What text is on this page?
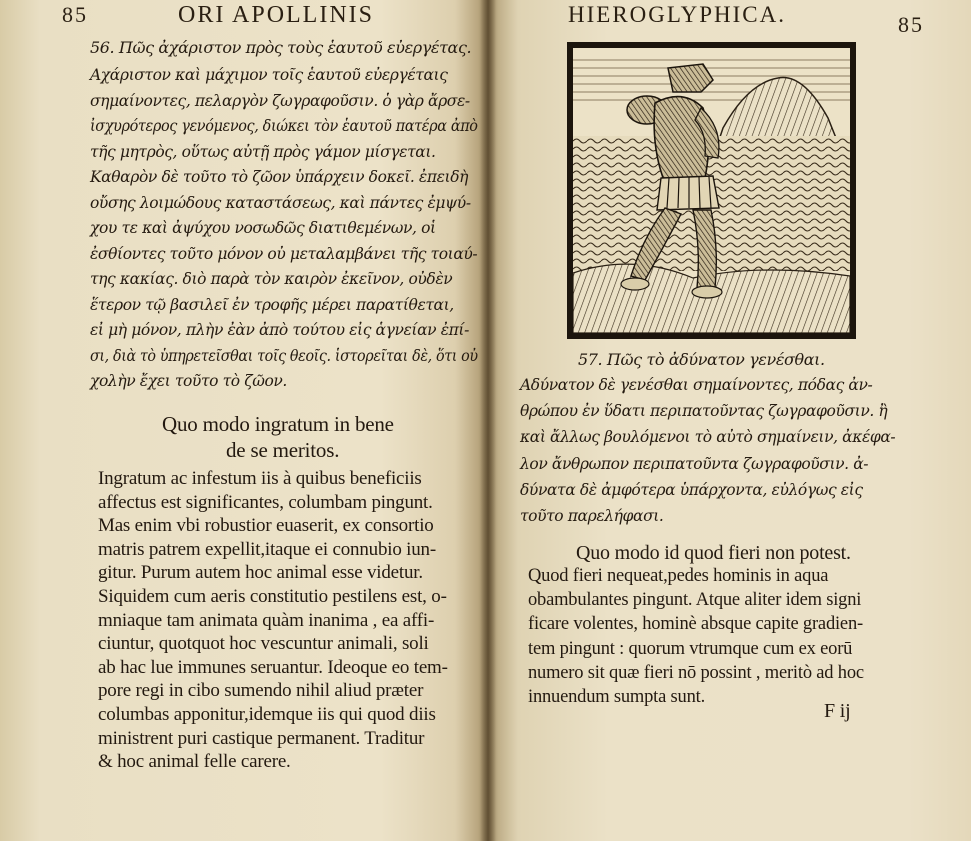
85	ORI APOLLINIS
56. Πῶς ἀχάριστον πρὸς τοὺς ἑαυτοῦ εὐεργέτας.
Αχάριστον καὶ μάχιμον τοῖς ἑαυτοῦ εὐεργέταις
σημαίνοντες, πελαργὸν ζωγραφοῦσιν. ὁ γὰρ ἄρσε-
ἰσχυρότερος γενόμενος, διώκει τὸν ἑαυτοῦ πατέρα ἀπὸ
τῆς μητρὸς, οὕτως αὐτῇ πρὸς γάμον μίσγεται.
Καθαρὸν δὲ τοῦτο τὸ ζῶον ὑπάρχειν δοκεῖ. ἐπειδὴ
οὔσης λοιμώδους καταστάσεως, καὶ πάντες ἐμψύ-
χου τε καὶ ἀψύχου νοσωδῶς διατιθεμένων, οἱ
ἐσθίοντες τοῦτο μόνον οὐ μεταλαμβάνει τῆς τοιαύ-
της κακίας. διὸ παρὰ τὸν καιρὸν ἐκεῖνον, οὐδὲν
ἕτερον τῷ βασιλεῖ ἐν τροφῆς μέρει παρατίθεται,
εἰ μὴ μόνον, πλὴν ἐὰν ἀπὸ τούτου εἰς ἁγνείαν ἐπί-
σι, διὰ τὸ ὑπηρετεῖσθαι τοῖς θεοῖς. ἱστορεῖται δὲ, ὅτι οὐ
χολὴν ἔχει τοῦτο τὸ ζῶον.
Quo modo ingratum in bene
de se meritos.
Ingratum ac infestum iis à quibus beneficiis
affectus est significantes, columbam pingunt.
Mas enim vbi robustior euaserit, ex consortio
matris patrem expellit,itaque ei connubio iun-
gitur. Purum autem hoc animal esse videtur.
Siquidem cum aeris constitutio pestilens est, o-
mniaque tam animata quàm inanima , ea affi-
ciuntur, quotquot hoc vescuntur animali, soli
ab hac lue immunes seruantur. Ideoque eo tem-
pore regi in cibo sumendo nihil aliud præter
columbas apponitur,idemque iis qui quod diis
ministrent puri castique permanent. Traditur
& hoc animal felle carere.
HIEROGLYPHICA.	85
57. Πῶς τὸ ἀδύνατον γενέσθαι.
Αδύνατον δὲ γενέσθαι σημαίνοντες, πόδας ἀν-
θρώπου ἐν ὕδατι περιπατοῦντας ζωγραφοῦσιν. ἢ
καὶ ἄλλως βουλόμενοι τὸ αὐτὸ σημαίνειν, ἀκέφα-
λον ἄνθρωπον περιπατοῦντα ζωγραφοῦσιν. ἀ-
δύνατα δὲ ἀμφότερα ὑπάρχοντα, εὐλόγως εἰς
τοῦτο παρελήφασι.
Quo modo id quod fieri non potest.
Quod fieri nequeat,pedes hominis in aqua
obambulantes pingunt. Atque aliter idem signi
ficare volentes, hominè absque capite gradien-
tem pingunt : quorum vtrumque cum ex eorū
numero sit quæ fieri nō possint , meritò ad hoc
innuendum sumpta sunt.
F ij
